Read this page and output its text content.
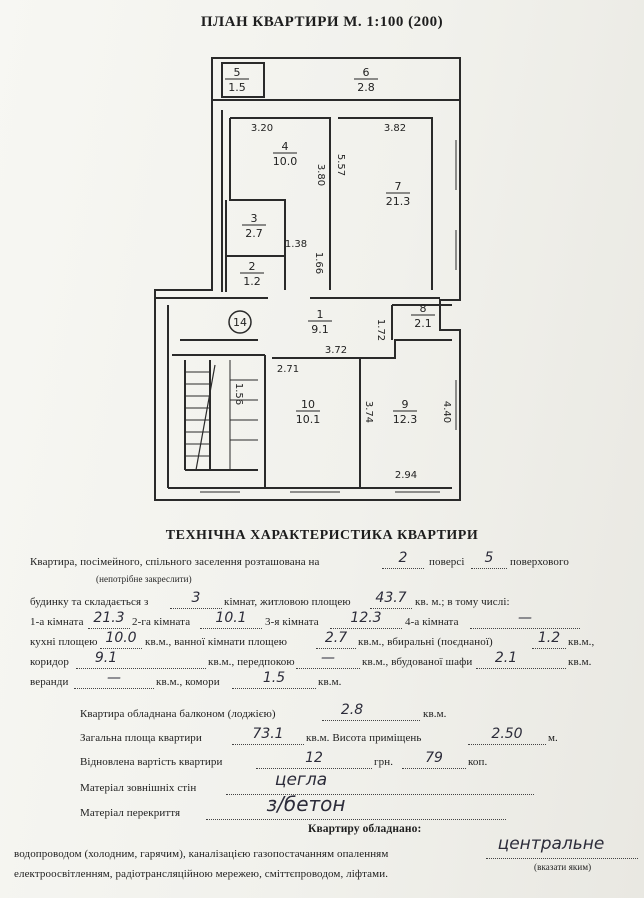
ПЛАН КВАРТИРИ М. 1:100 (200)
5
1.5
6
2.8
4
10.0
7
21.3
3
2.7
2
1.2
1
9.1
8
2.1
10
10.1
9
12.3
3.20	3.82
3.80 5.57
1.38
1.66
1.72
3.72
2.71
3.74	4.40
2.94
1.56
14
ТЕХНІЧНА ХАРАКТЕРИСТИКА КВАРТИРИ
Квартира, посімейного, спільного заселення розташована на	2	поверсі	5	поверхового
(непотрібне закреслити)
будинку та складається з	3	кімнат, житловою площею	43.7 кв. м.; в тому числі:
1-а кімната 21.3 2-га кімната	10.1	3-я кімната	12.3	4-а кімната	—
кухні площею 10.0 кв.м., ванної кімнати площею	2.7 кв.м., вбиральні (поєднаної)	1.2 кв.м.,
коридор	9.1	кв.м., передпокою	—	кв.м., вбудованої шафи	2.1	кв.м.
веранди	—	кв.м., комори	1.5	кв.м.
Квартира обладнана балконом (лоджією)	2.8	кв.м.
Загальна площа квартири	73.1	кв.м. Висота приміщень	2.50	м.
Відновлена вартість квартири	12	грн.	79	коп.
Матеріал зовнішніх стін	цегла
Матеріал перекриття	з/бетон
Квартиру обладнано:
водопроводом (холодним, гарячим), каналізацією газопостачанням опаленням	центральне
(вказати яким)
електроосвітленням, радіотрансляційною мережею, сміттєпроводом, ліфтами.
